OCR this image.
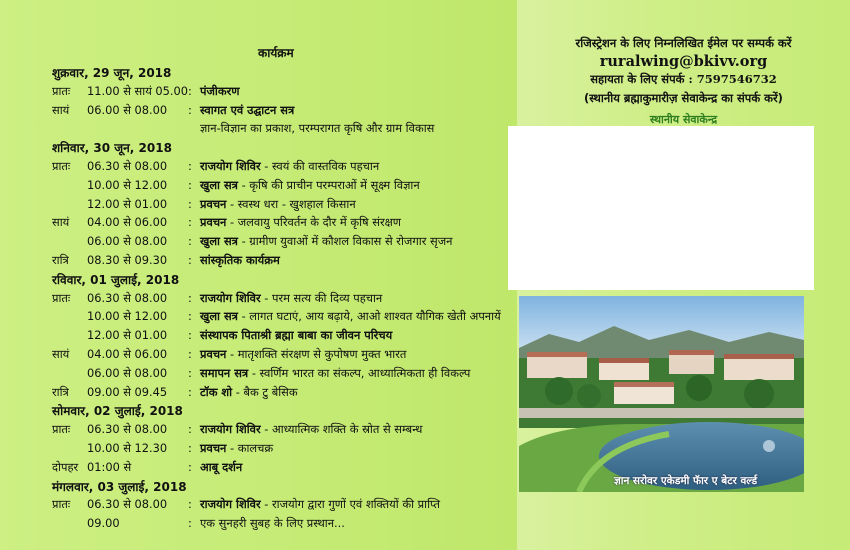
कार्यक्रम
शुक्रवार, 29 जून, 2018
प्रातः 11.00 से सायं 05.00 : पंजीकरण
सायं 06.00 से 08.00 : स्वागत एवं उद्घाटन सत्र
ज्ञान-विज्ञान का प्रकाश, परम्परागत कृषि और ग्राम विकास
शनिवार, 30 जून, 2018
प्रातः 06.30 से 08.00 : राजयोग शिविर - स्वयं की वास्तविक पहचान
10.00 से 12.00 : खुला सत्र - कृषि की प्राचीन परम्पराओं में सूक्ष्म विज्ञान
12.00 से 01.00 : प्रवचन - स्वस्थ धरा - खुशहाल किसान
सायं 04.00 से 06.00 : प्रवचन - जलवायु परिवर्तन के दौर में कृषि संरक्षण
06.00 से 08.00 : खुला सत्र - ग्रामीण युवाओं में कौशल विकास से रोजगार सृजन
रात्रि 08.30 से 09.30 : सांस्कृतिक कार्यक्रम
रविवार, 01 जुलाई, 2018
प्रातः 06.30 से 08.00 : राजयोग शिविर - परम सत्य की दिव्य पहचान
10.00 से 12.00 : खुला सत्र - लागत घटाएं, आय बढ़ाये, आओ शाश्वत यौगिक खेती अपनायें
12.00 से 01.00 : संस्थापक पिताश्री ब्रह्मा बाबा का जीवन परिचय
सायं 04.00 से 06.00 : प्रवचन - मातृशक्ति संरक्षण से कुपोषण मुक्त भारत
06.00 से 08.00 : समापन सत्र - स्वर्णिम भारत का संकल्प, आध्यात्मिकता ही विकल्प
रात्रि 09.00 से 09.45 : टॉक शो - बैक टु बेसिक
सोमवार, 02 जुलाई, 2018
प्रातः 06.30 से 08.00 : राजयोग शिविर - आध्यात्मिक शक्ति के स्रोत से सम्बन्ध
10.00 से 12.30 : प्रवचन - कालचक्र
दोपहर 01:00 से	: आबू दर्शन
मंगलवार, 03 जुलाई, 2018
प्रातः 06.30 से 08.00 : राजयोग शिविर - राजयोग द्वारा गुणों एवं शक्तियों की प्राप्ति
09.00	: एक सुनहरी सुबह के लिए प्रस्थान...
रजिस्ट्रेशन के लिए निम्नलिखित ईमेल पर सम्पर्क करें
ruralwing@bkivv.org
सहायता के लिए संपर्क : 7597546732
(स्थानीय ब्रह्माकुमारीज़ सेवाकेन्द्र का संपर्क करें)
स्थानीय सेवाकेन्द्र
ज्ञान सरोवर एकेडमी फॅार ए बेटर वर्ल्ड
